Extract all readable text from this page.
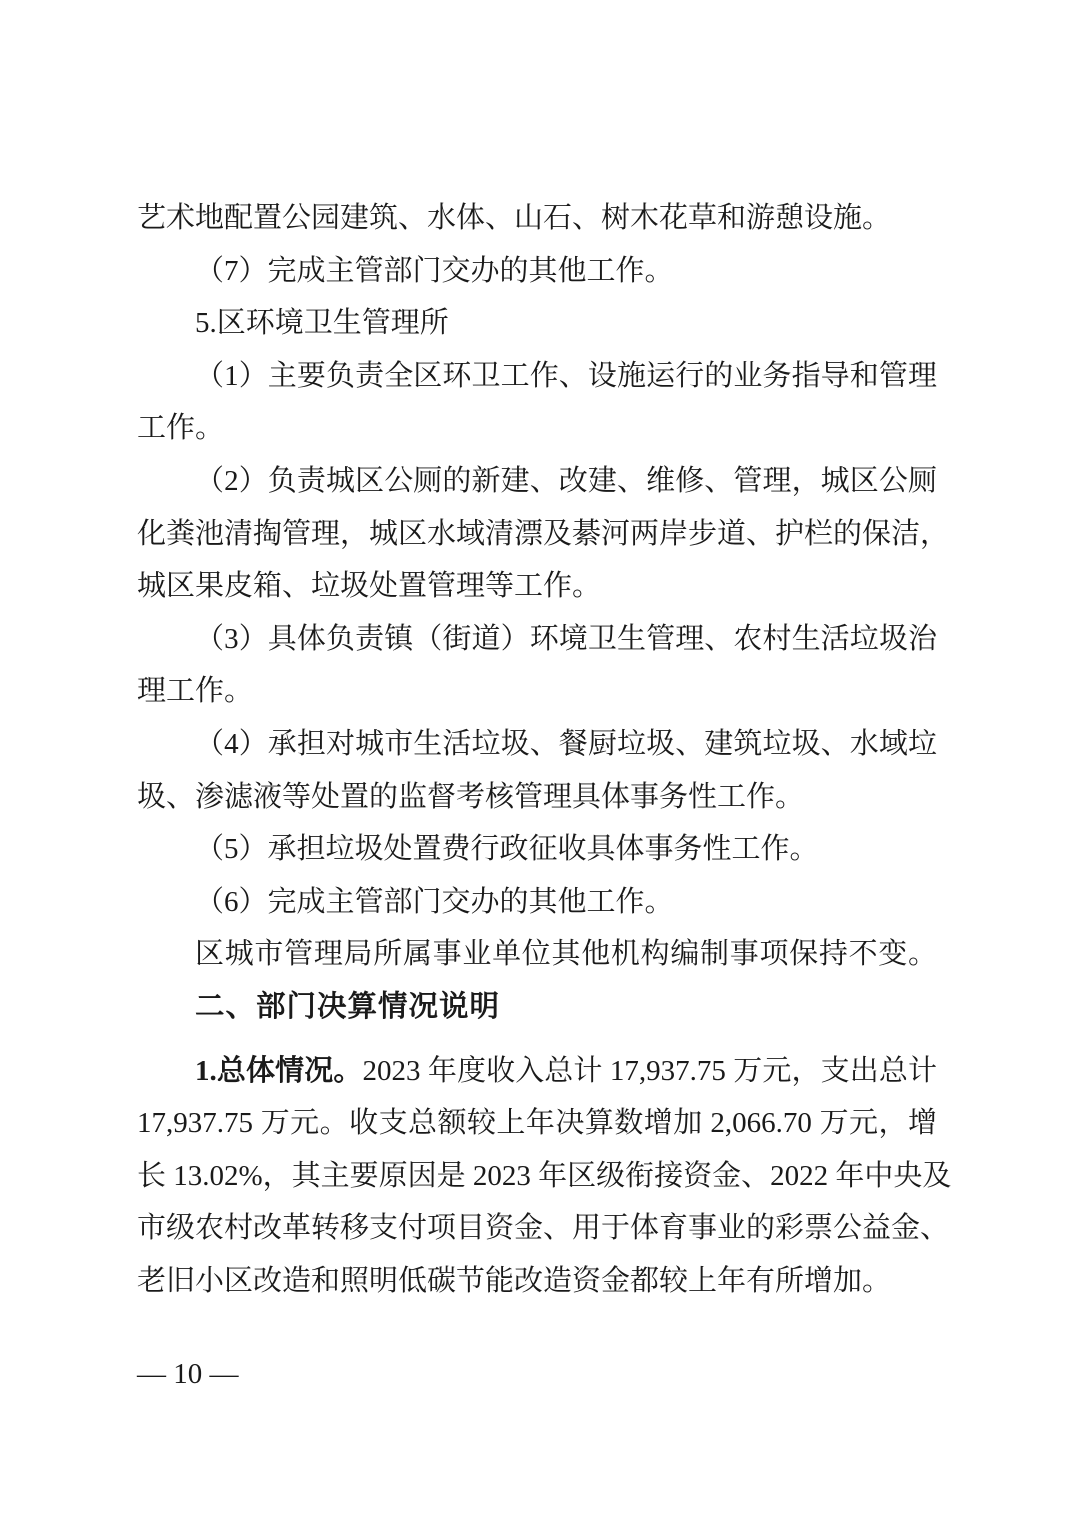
艺术地配置公园建筑、水体、山石、树木花草和游憩设施。
（7）完成主管部门交办的其他工作。
5.区环境卫生管理所
（1）主要负责全区环卫工作、设施运行的业务指导和管理
工作。
（2）负责城区公厕的新建、改建、维修、管理，城区公厕
化粪池清掏管理，城区水域清漂及綦河两岸步道、护栏的保洁，
城区果皮箱、垃圾处置管理等工作。
（3）具体负责镇（街道）环境卫生管理、农村生活垃圾治
理工作。
（4）承担对城市生活垃圾、餐厨垃圾、建筑垃圾、水域垃
圾、渗滤液等处置的监督考核管理具体事务性工作。
（5）承担垃圾处置费行政征收具体事务性工作。
（6）完成主管部门交办的其他工作。
区城市管理局所属事业单位其他机构编制事项保持不变。
二、部门决算情况说明
1.总体情况。2023 年度收入总计 17,937.75 万元，支出总计
17,937.75 万元。收支总额较上年决算数增加 2,066.70 万元，增
长 13.02%，其主要原因是 2023 年区级衔接资金、2022 年中央及
市级农村改革转移支付项目资金、用于体育事业的彩票公益金、
老旧小区改造和照明低碳节能改造资金都较上年有所增加。
— 10 —
